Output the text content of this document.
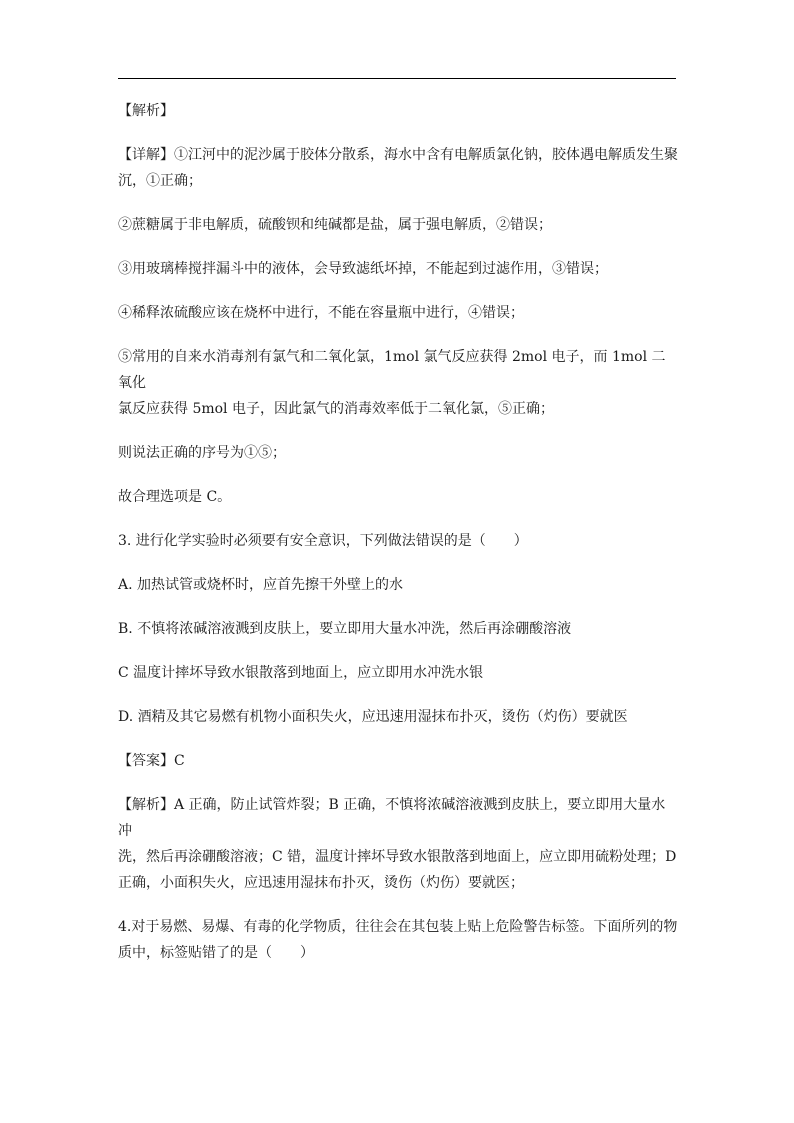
【解析】

【详解】①江河中的泥沙属于胶体分散系，海水中含有电解质氯化钠，胶体遇电解质发生聚
沉，①正确；

②蔗糖属于非电解质，硫酸钡和纯碱都是盐，属于强电解质，②错误；

③用玻璃棒搅拌漏斗中的液体，会导致滤纸坏掉，不能起到过滤作用，③错误；

④稀释浓硫酸应该在烧杯中进行，不能在容量瓶中进行，④错误；

⑤常用的自来水消毒剂有氯气和二氧化氯，1mol 氯气反应获得 2mol 电子，而 1mol 二氧化
氯反应获得 5mol 电子，因此氯气的消毒效率低于二氧化氯，⑤正确；

则说法正确的序号为①⑤；

故合理选项是 C。

3. 进行化学实验时必须要有安全意识，下列做法错误的是（　　）

A. 加热试管或烧杯时，应首先擦干外壁上的水

B. 不慎将浓碱溶液溅到皮肤上，要立即用大量水冲洗，然后再涂硼酸溶液

C 温度计摔坏导致水银散落到地面上，应立即用水冲洗水银

D. 酒精及其它易燃有机物小面积失火，应迅速用湿抹布扑灭，烫伤（灼伤）要就医

【答案】C

【解析】A 正确，防止试管炸裂；B 正确，不慎将浓碱溶液溅到皮肤上，要立即用大量水冲
洗，然后再涂硼酸溶液；C 错，温度计摔坏导致水银散落到地面上，应立即用硫粉处理；D
正确，小面积失火，应迅速用湿抹布扑灭，烫伤（灼伤）要就医；

4.对于易燃、易爆、有毒的化学物质，往往会在其包装上贴上危险警告标签。下面所列的物
质中，标签贴错了的是（　　）
